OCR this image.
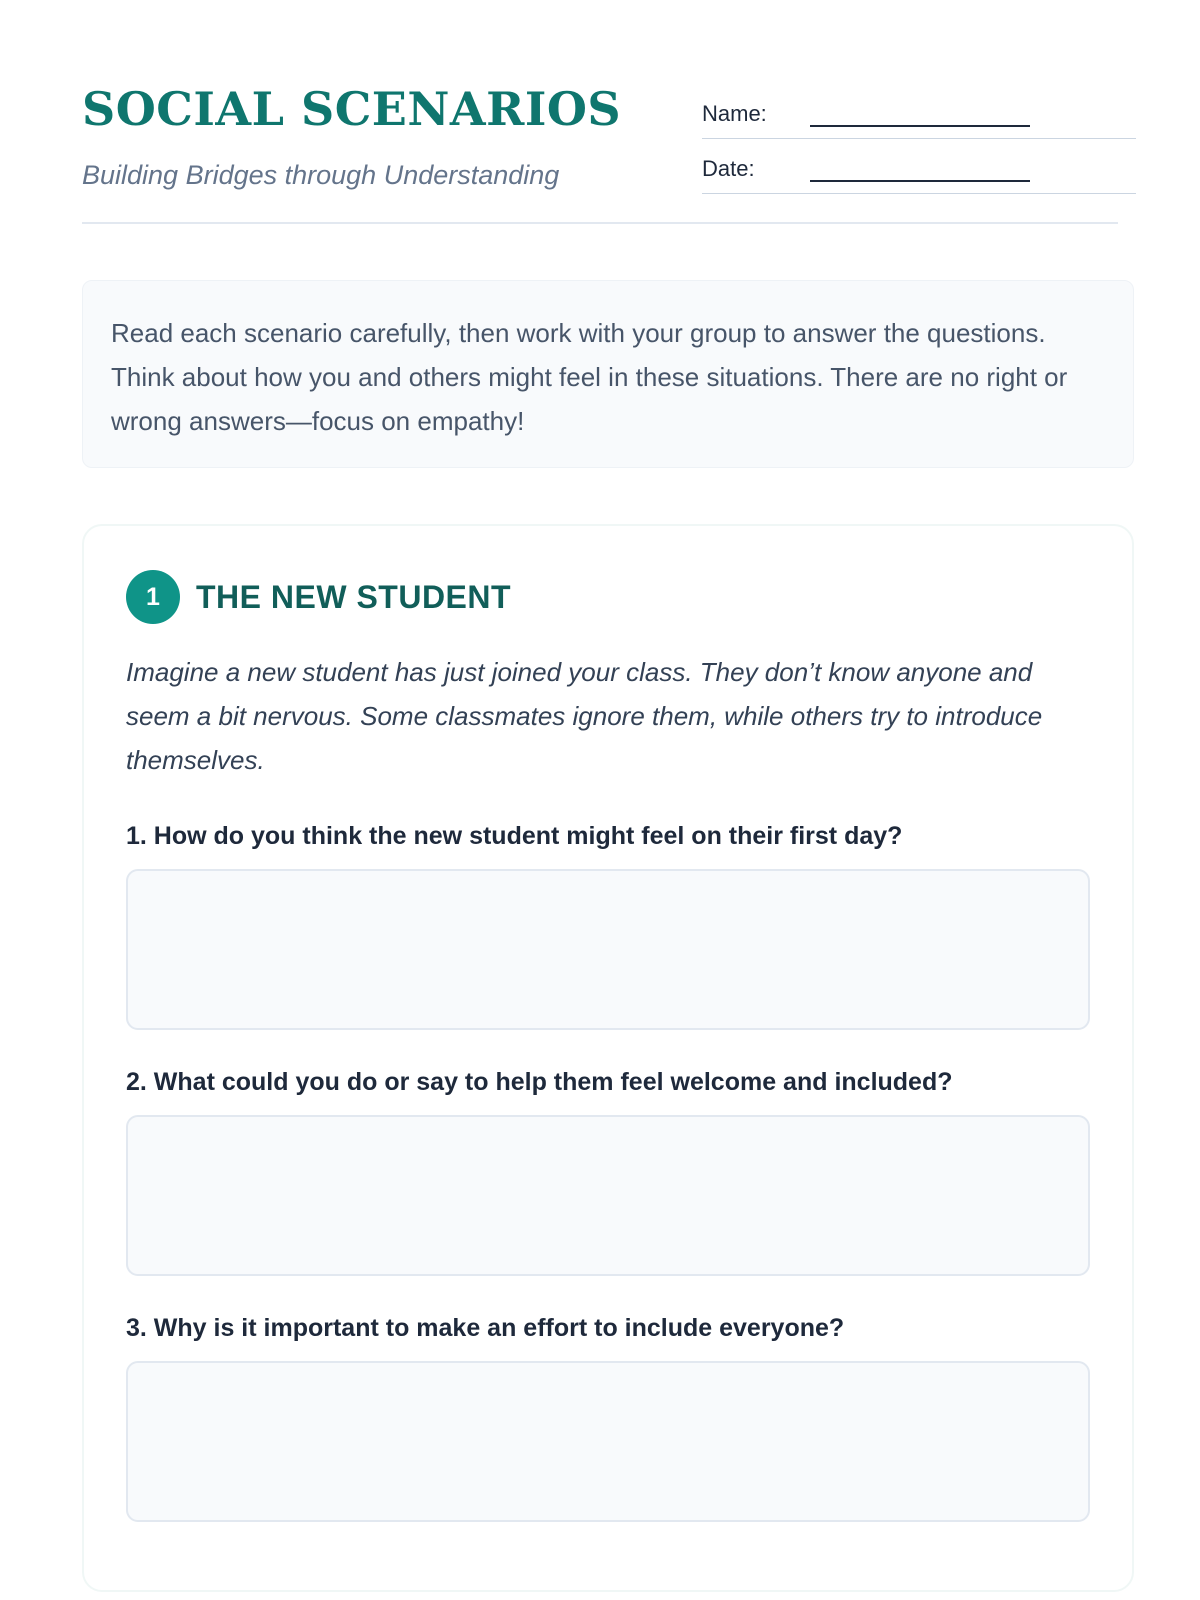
SOCIAL SCENARIOS
Building Bridges through Understanding
Name:
Date:

Read each scenario carefully, then work with your group to answer the questions. Think about how you and others might feel in these situations. There are no right or wrong answers—focus on empathy!

1	THE NEW STUDENT

Imagine a new student has just joined your class. They don’t know anyone and seem a bit nervous. Some classmates ignore them, while others try to introduce themselves.

1. How do you think the new student might feel on their first day?
2. What could you do or say to help them feel welcome and included?
3. Why is it important to make an effort to include everyone?
